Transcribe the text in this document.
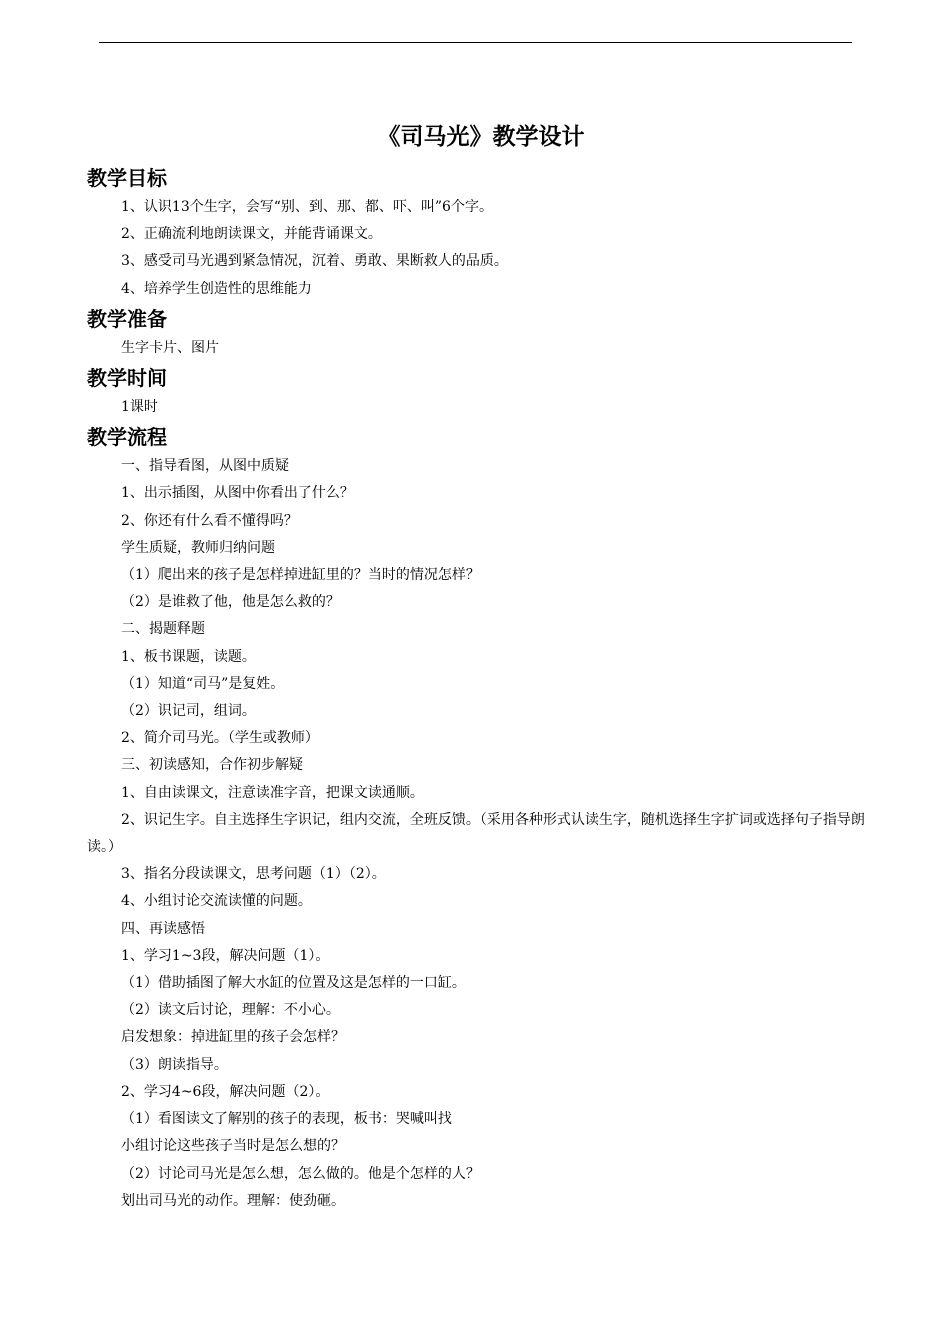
《司马光》教学设计
教学目标

1、认识13个生字，会写“别、到、那、都、吓、叫”6个字。

2、正确流利地朗读课文，并能背诵课文。

3、感受司马光遇到紧急情况，沉着、勇敢、果断救人的品质。

4、培养学生创造性的思维能力

教学准备

生字卡片、图片

教学时间

1课时

教学流程

一、指导看图，从图中质疑

1、出示插图，从图中你看出了什么？

2、你还有什么看不懂得吗？

学生质疑，教师归纳问题

（1）爬出来的孩子是怎样掉进缸里的？当时的情况怎样？

（2）是谁救了他，他是怎么救的？

二、揭题释题

1、板书课题，读题。

（1）知道“司马”是复姓。

（2）识记司，组词。

2、简介司马光。（学生或教师）

三、初读感知，合作初步解疑

1、自由读课文，注意读准字音，把课文读通顺。

2、识记生字。自主选择生字识记，组内交流，全班反馈。（采用各种形式认读生字，随机选择生字扩词或选择句子指导朗读。）

3、指名分段读课文，思考问题（1）（2）。

4、小组讨论交流读懂的问题。

四、再读感悟

1、学习1~3段，解决问题（1）。

（1）借助插图了解大水缸的位置及这是怎样的一口缸。

（2）读文后讨论，理解：不小心。

启发想象：掉进缸里的孩子会怎样？

（3）朗读指导。

2、学习4~6段，解决问题（2）。

（1）看图读文了解别的孩子的表现，板书：哭喊叫找

小组讨论这些孩子当时是怎么想的？

（2）讨论司马光是怎么想，怎么做的。他是个怎样的人？

划出司马光的动作。理解：使劲砸。
